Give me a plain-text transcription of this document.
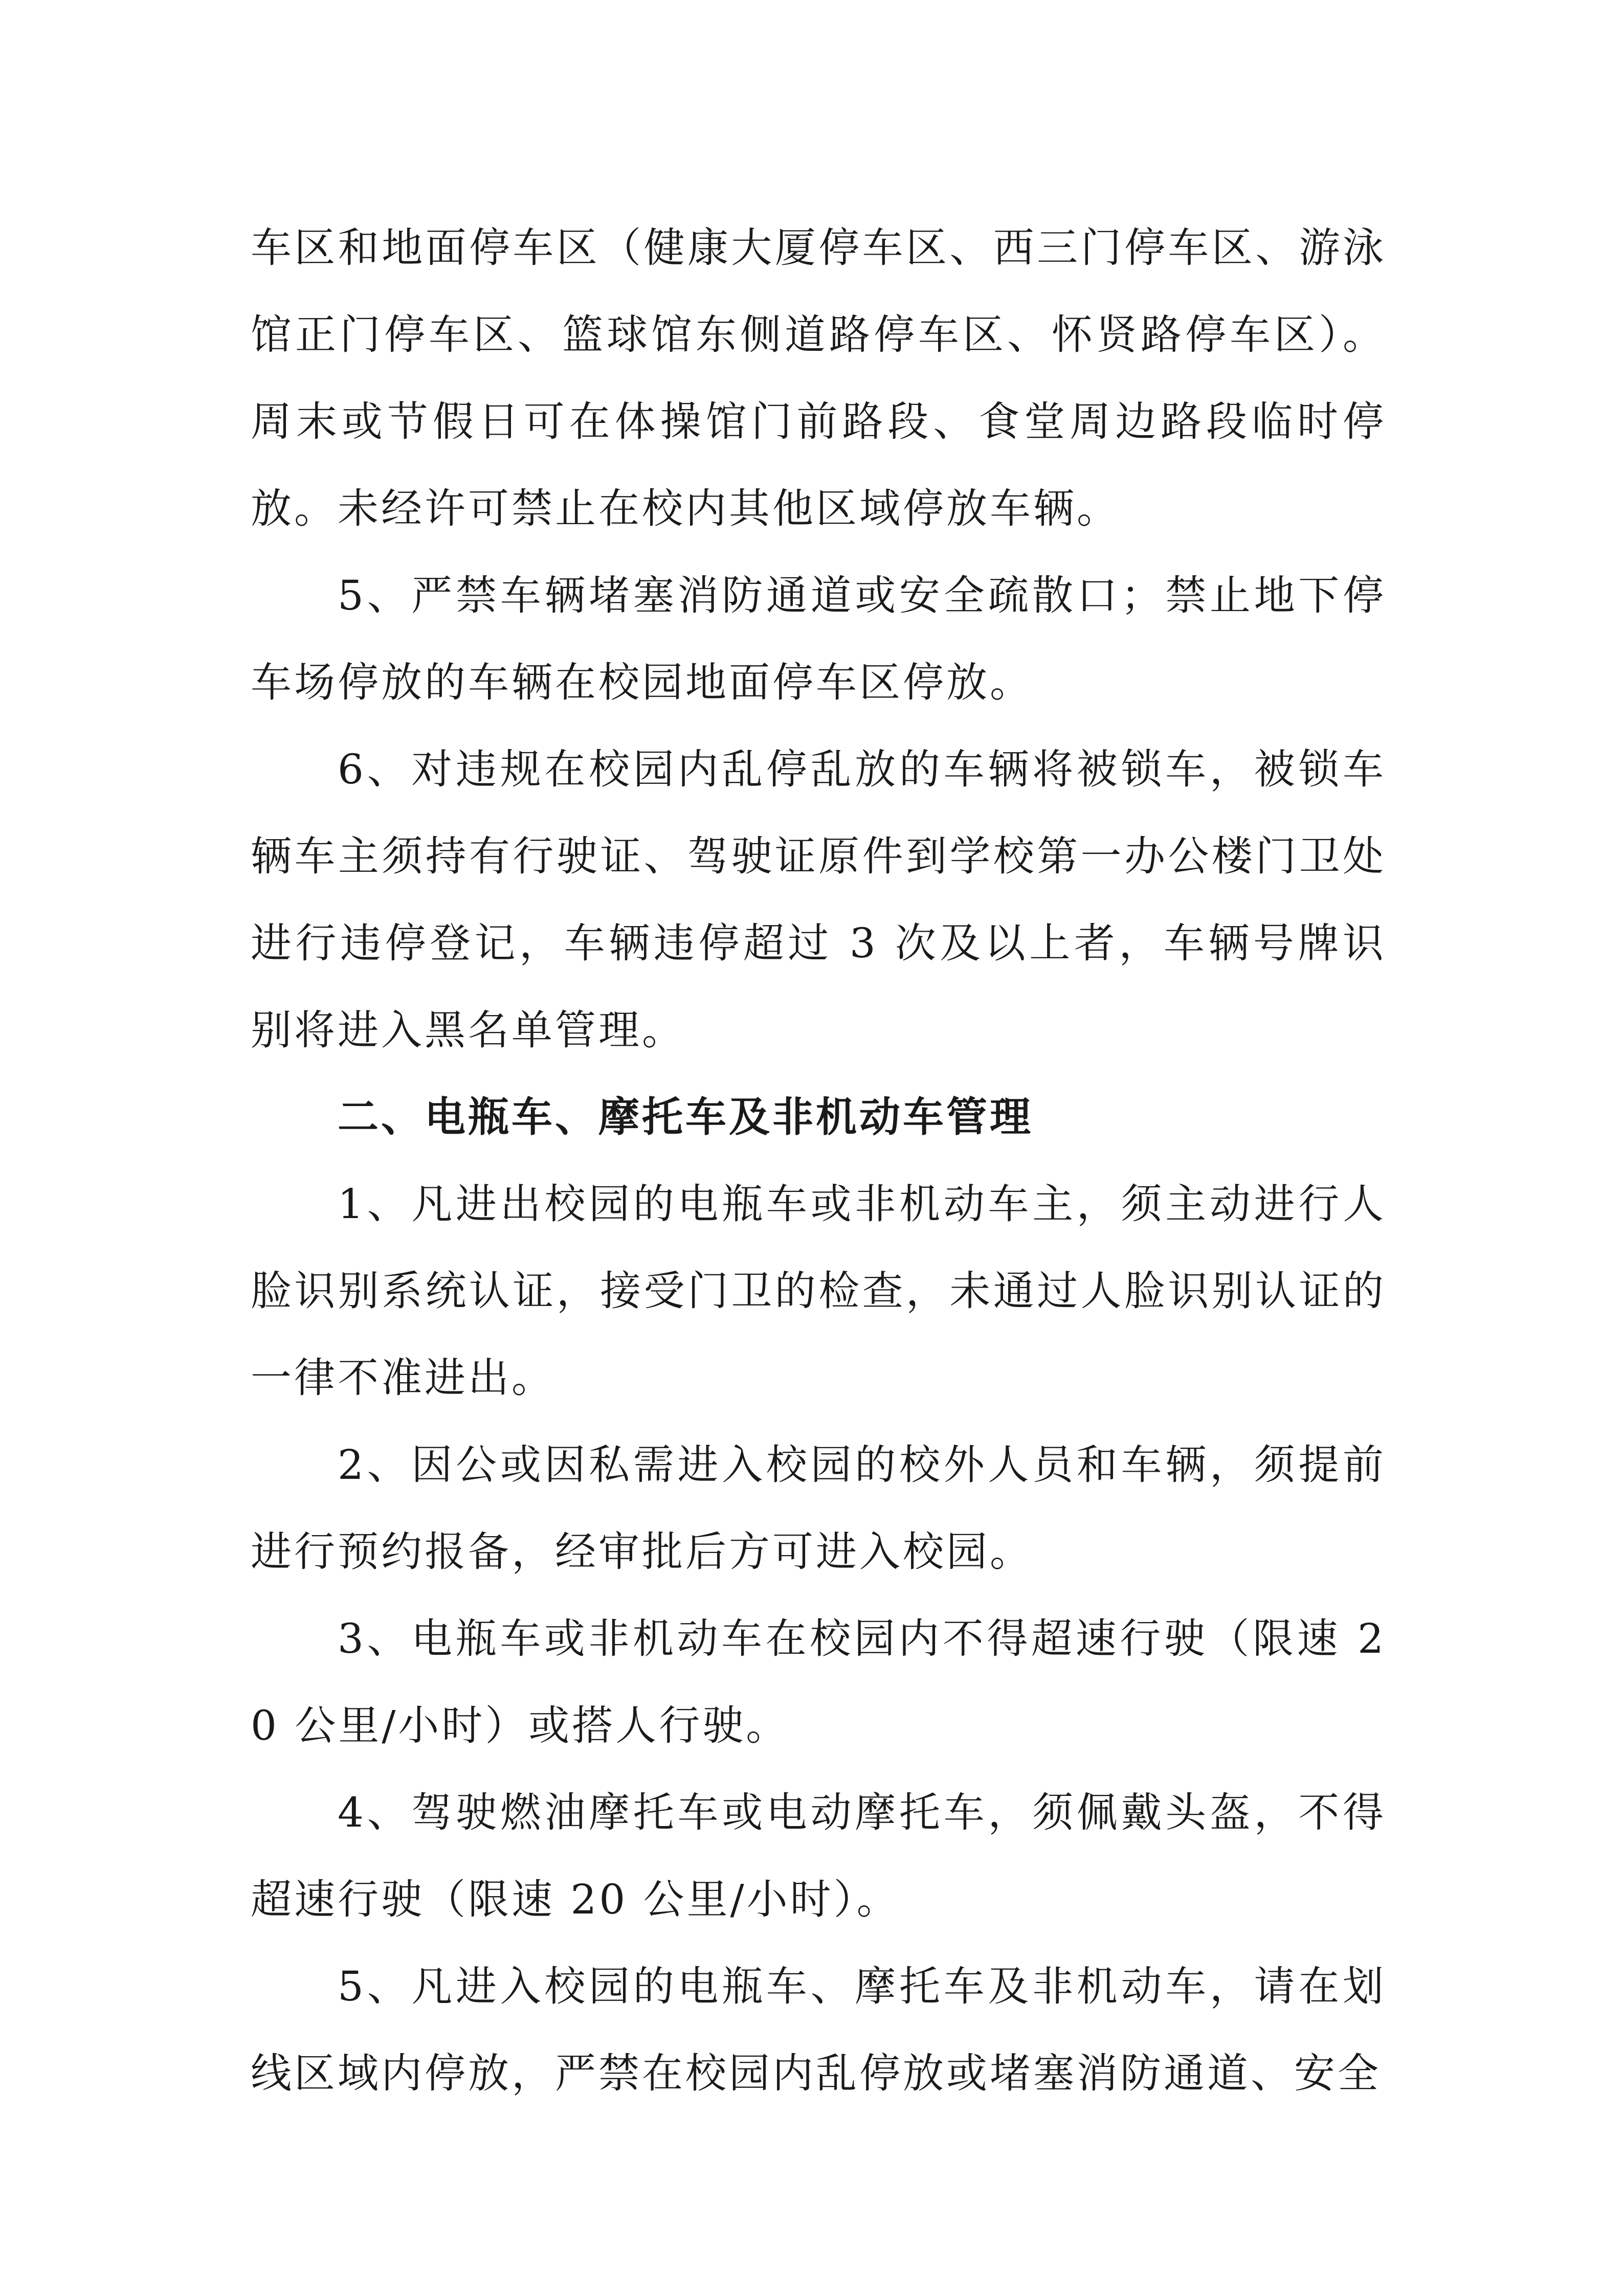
车区和地面停车区（健康大厦停车区、西三门停车区、游泳馆正门停车区、篮球馆东侧道路停车区、怀贤路停车区）。周末或节假日可在体操馆门前路段、食堂周边路段临时停放。未经许可禁止在校内其他区域停放车辆。

5、严禁车辆堵塞消防通道或安全疏散口；禁止地下停车场停放的车辆在校园地面停车区停放。

6、对违规在校园内乱停乱放的车辆将被锁车，被锁车辆车主须持有行驶证、驾驶证原件到学校第一办公楼门卫处进行违停登记，车辆违停超过 3 次及以上者，车辆号牌识别将进入黑名单管理。

二、电瓶车、摩托车及非机动车管理

1、凡进出校园的电瓶车或非机动车主，须主动进行人脸识别系统认证，接受门卫的检查，未通过人脸识别认证的一律不准进出。

2、因公或因私需进入校园的校外人员和车辆，须提前进行预约报备，经审批后方可进入校园。

3、电瓶车或非机动车在校园内不得超速行驶（限速 20 公里/小时）或搭人行驶。

4、驾驶燃油摩托车或电动摩托车，须佩戴头盔，不得超速行驶（限速 20 公里/小时）。

5、凡进入校园的电瓶车、摩托车及非机动车，请在划线区域内停放，严禁在校园内乱停放或堵塞消防通道、安全
